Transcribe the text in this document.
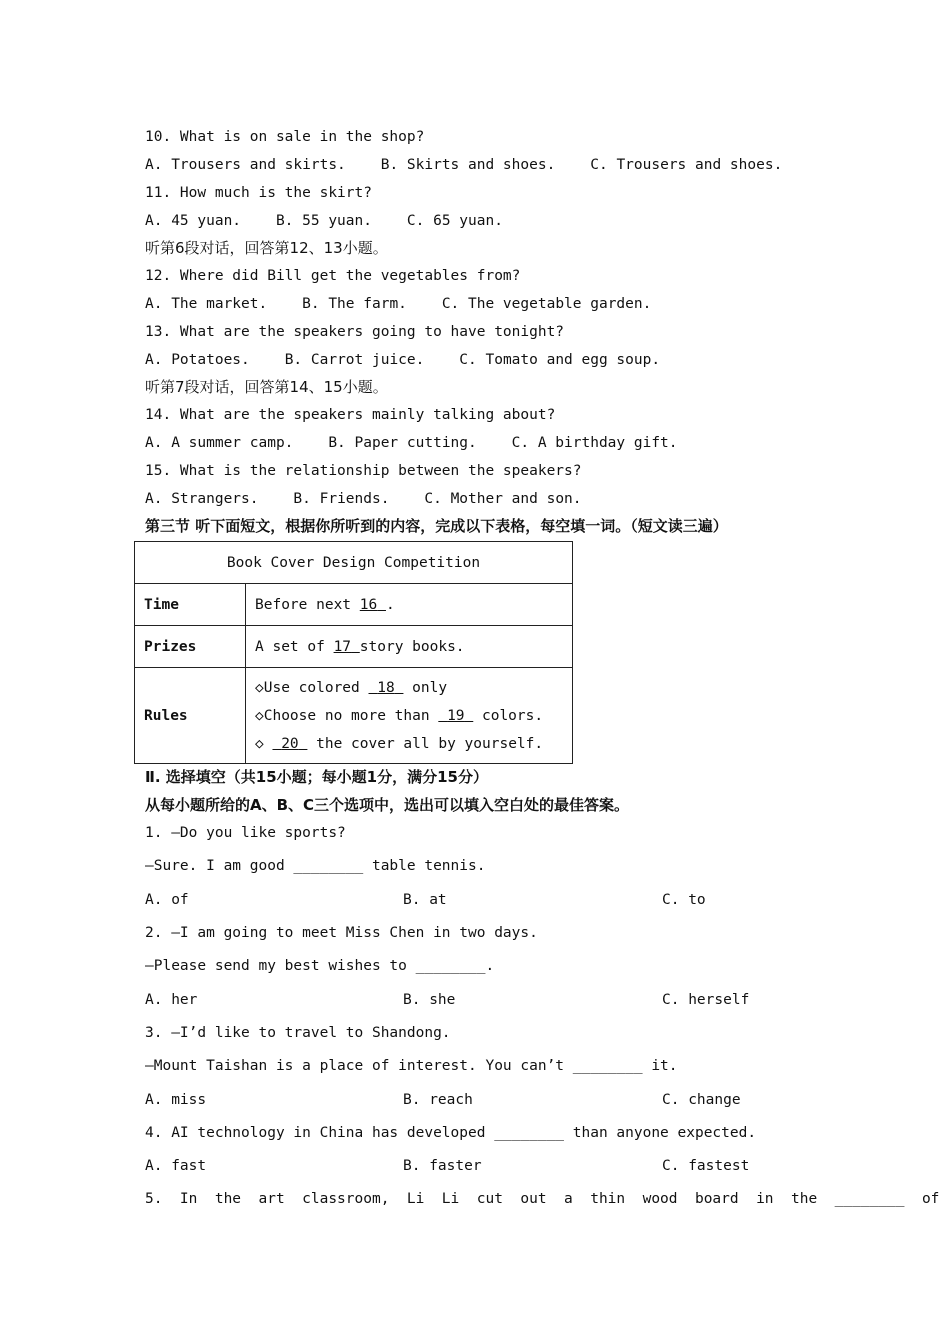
10. What is on sale in the shop?
A. Trousers and skirts. B. Skirts and shoes. C. Trousers and shoes.
11. How much is the skirt?
A. 45 yuan. B. 55 yuan. C. 65 yuan.
听第6段对话，回答第12、13小题。
12. Where did Bill get the vegetables from?
A. The market. B. The farm. C. The vegetable garden.
13. What are the speakers going to have tonight?
A. Potatoes. B. Carrot juice. C. Tomato and egg soup.
听第7段对话，回答第14、15小题。
14. What are the speakers mainly talking about?
A. A summer camp. B. Paper cutting. C. A birthday gift.
15. What is the relationship between the speakers?
A. Strangers. B. Friends. C. Mother and son.
第三节 听下面短文，根据你所听到的内容，完成以下表格，每空填一词。（短文读三遍）
Book Cover Design Competition	
Time	Before next 16 .
Prizes	A set of 17 story books.
Rules	◇Use colored  18  only
◇Choose no more than  19  colors.
◇  20  the cover all by yourself.
Ⅱ. 选择填空（共15小题；每小题1分，满分15分）
从每小题所给的A、B、C三个选项中，选出可以填入空白处的最佳答案。
1. —Do you like sports?
—Sure. I am good ________ table tennis.
A. of	B. at	C. to
2. —I am going to meet Miss Chen in two days.
—Please send my best wishes to ________.
A. her	B. she	C. herself
3. —I’d like to travel to Shandong.
—Mount Taishan is a place of interest. You can’t ________ it.
A. miss	B. reach	C. change
4. AI technology in China has developed ________ than anyone expected.
A. fast	B. faster	C. fastest
5.  In  the  art  classroom,  Li  Li  cut  out  a  thin  wood  board  in  the  ________  of
